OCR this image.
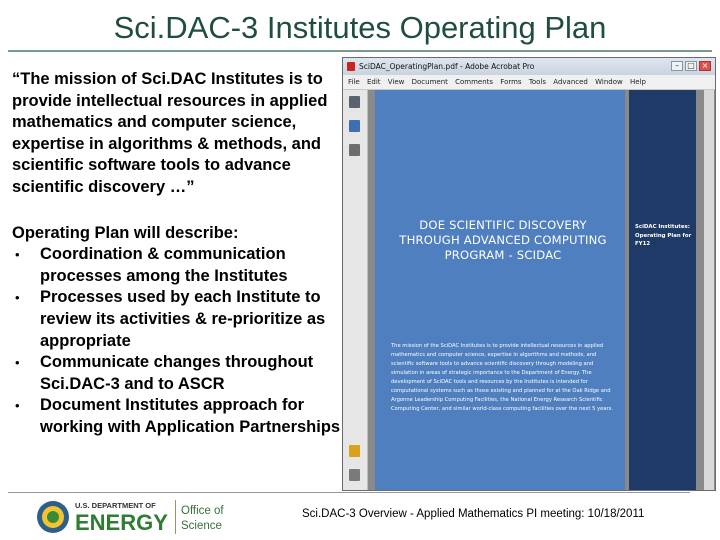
Sci.DAC-3 Institutes Operating Plan

“The mission of Sci.DAC Institutes is to provide intellectual resources in applied mathematics and computer science, expertise in algorithms & methods, and scientific software tools to advance scientific discovery …”

Operating Plan will describe:

• Coordination & communication processes among the Institutes
• Processes used by each Institute to review its activities & re-prioritize as appropriate
• Communicate changes throughout Sci.DAC-3 and to ASCR
• Document Institutes approach for working with Application Partnerships
SciDAC_OperatingPlan.pdf - Adobe Acrobat Pro	–	□ ×
File Edit View Document Comments Forms Tools Advanced Window Help
DOE SCIENTIFIC DISCOVERY THROUGH ADVANCED COMPUTING PROGRAM - SCIDAC
The mission of the SciDAC Institutes is to provide intellectual resources in applied mathematics and computer science, expertise in algorithms and methods, and scientific software tools to advance scientific discovery through modeling and simulation in areas of strategic importance to the Department of Energy. The development of SciDAC tools and resources by the Institutes is intended for computational systems such as those existing and planned for at the Oak Ridge and Argonne Leadership Computing Facilities, the National Energy Research Scientific Computing Center, and similar world-class computing facilities over the next 5 years.
SciDAC Institutes: Operating Plan for FY12
U.S. DEPARTMENT OF
ENERGY Office of
Science
Sci.DAC-3 Overview - Applied Mathematics PI meeting: 10/18/2011
